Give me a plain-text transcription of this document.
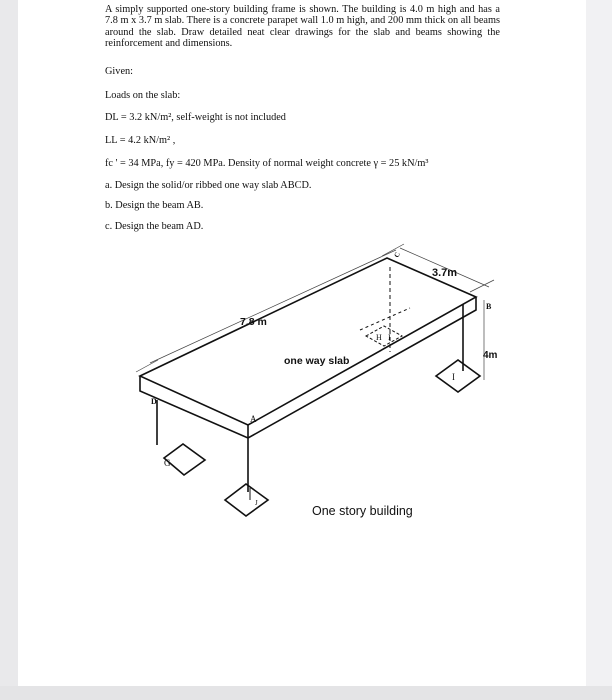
A simply supported one-story building frame is shown. The building is 4.0 m high and has a 7.8 m x 3.7 m slab. There is a concrete parapet wall 1.0 m high, and 200 mm thick on all beams around the slab. Draw detailed neat clear drawings for the slab and beams showing the reinforcement and dimensions.
Given:
Loads on the slab:
DL = 3.2 kN/m², self-weight is not included
LL = 4.2 kN/m² ,
fc ' = 34 MPa, fy = 420 MPa. Density of normal weight concrete γ = 25 kN/m³
a. Design the solid/or ribbed one way slab ABCD.
b. Design the beam AB.
c. Design the beam AD.
3.7m
7.8 m
4m
one way slab
One story building
A
B
C
D
G
J
I
H I
